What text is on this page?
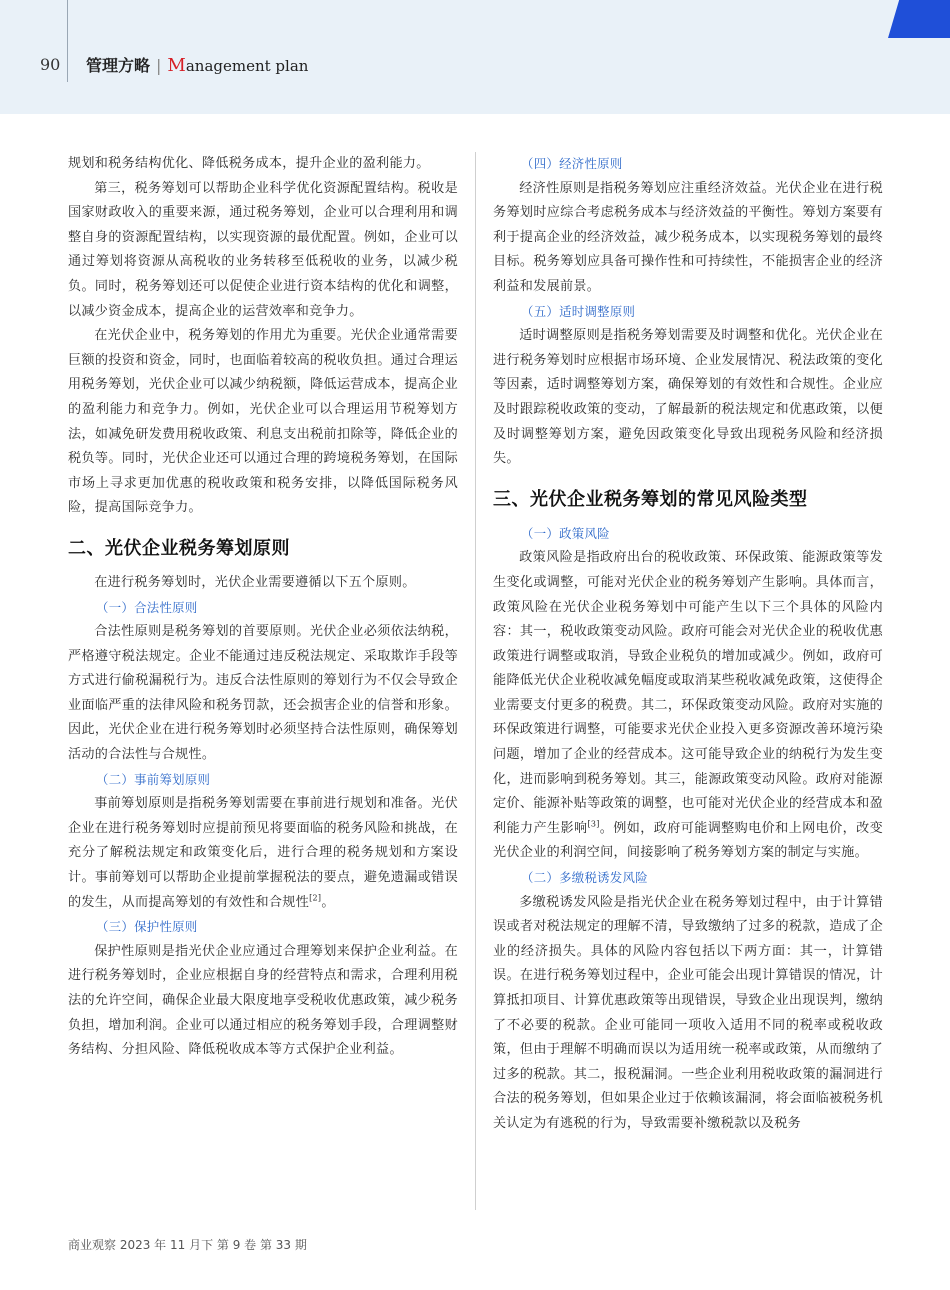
90 管理方略 | Management plan

规划和税务结构优化、降低税务成本，提升企业的盈利能力。

第三，税务筹划可以帮助企业科学优化资源配置结构。税收是国家财政收入的重要来源，通过税务筹划，企业可以合理利用和调整自身的资源配置结构，以实现资源的最优配置。例如，企业可以通过筹划将资源从高税收的业务转移至低税收的业务，以减少税负。同时，税务筹划还可以促使企业进行资本结构的优化和调整，以减少资金成本，提高企业的运营效率和竞争力。

在光伏企业中，税务筹划的作用尤为重要。光伏企业通常需要巨额的投资和资金，同时，也面临着较高的税收负担。通过合理运用税务筹划，光伏企业可以减少纳税额，降低运营成本，提高企业的盈利能力和竞争力。例如，光伏企业可以合理运用节税筹划方法，如减免研发费用税收政策、利息支出税前扣除等，降低企业的税负等。同时，光伏企业还可以通过合理的跨境税务筹划，在国际市场上寻求更加优惠的税收政策和税务安排，以降低国际税务风险，提高国际竞争力。

二、光伏企业税务筹划原则

在进行税务筹划时，光伏企业需要遵循以下五个原则。

（一）合法性原则

合法性原则是税务筹划的首要原则。光伏企业必须依法纳税，严格遵守税法规定。企业不能通过违反税法规定、采取欺诈手段等方式进行偷税漏税行为。违反合法性原则的筹划行为不仅会导致企业面临严重的法律风险和税务罚款，还会损害企业的信誉和形象。因此，光伏企业在进行税务筹划时必须坚持合法性原则，确保筹划活动的合法性与合规性。

（二）事前筹划原则

事前筹划原则是指税务筹划需要在事前进行规划和准备。光伏企业在进行税务筹划时应提前预见将要面临的税务风险和挑战，在充分了解税法规定和政策变化后，进行合理的税务规划和方案设计。事前筹划可以帮助企业提前掌握税法的要点，避免遗漏或错误的发生，从而提高筹划的有效性和合规性[2]。

（三）保护性原则

保护性原则是指光伏企业应通过合理筹划来保护企业利益。在进行税务筹划时，企业应根据自身的经营特点和需求，合理利用税法的允许空间，确保企业最大限度地享受税收优惠政策，减少税务负担，增加利润。企业可以通过相应的税务筹划手段，合理调整财务结构、分担风险、降低税收成本等方式保护企业利益。

（四）经济性原则

经济性原则是指税务筹划应注重经济效益。光伏企业在进行税务筹划时应综合考虑税务成本与经济效益的平衡性。筹划方案要有利于提高企业的经济效益，减少税务成本，以实现税务筹划的最终目标。税务筹划应具备可操作性和可持续性，不能损害企业的经济利益和发展前景。

（五）适时调整原则

适时调整原则是指税务筹划需要及时调整和优化。光伏企业在进行税务筹划时应根据市场环境、企业发展情况、税法政策的变化等因素，适时调整筹划方案，确保筹划的有效性和合规性。企业应及时跟踪税收政策的变动，了解最新的税法规定和优惠政策，以便及时调整筹划方案，避免因政策变化导致出现税务风险和经济损失。

三、光伏企业税务筹划的常见风险类型
（一）政策风险

政策风险是指政府出台的税收政策、环保政策、能源政策等发生变化或调整，可能对光伏企业的税务筹划产生影响。具体而言，政策风险在光伏企业税务筹划中可能产生以下三个具体的风险内容：其一，税收政策变动风险。政府可能会对光伏企业的税收优惠政策进行调整或取消，导致企业税负的增加或减少。例如，政府可能降低光伏企业税收减免幅度或取消某些税收减免政策，这使得企业需要支付更多的税费。其二，环保政策变动风险。政府对实施的环保政策进行调整，可能要求光伏企业投入更多资源改善环境污染问题，增加了企业的经营成本。这可能导致企业的纳税行为发生变化，进而影响到税务筹划。其三，能源政策变动风险。政府对能源定价、能源补贴等政策的调整，也可能对光伏企业的经营成本和盈利能力产生影响[3]。例如，政府可能调整购电价和上网电价，改变光伏企业的利润空间，间接影响了税务筹划方案的制定与实施。

（二）多缴税诱发风险

多缴税诱发风险是指光伏企业在税务筹划过程中，由于计算错误或者对税法规定的理解不清，导致缴纳了过多的税款，造成了企业的经济损失。具体的风险内容包括以下两方面：其一，计算错误。在进行税务筹划过程中，企业可能会出现计算错误的情况，计算抵扣项目、计算优惠政策等出现错误，导致企业出现误判，缴纳了不必要的税款。企业可能同一项收入适用不同的税率或税收政策，但由于理解不明确而误以为适用统一税率或政策，从而缴纳了过多的税款。其二，报税漏洞。一些企业利用税收政策的漏洞进行合法的税务筹划，但如果企业过于依赖该漏洞，将会面临被税务机关认定为有逃税的行为，导致需要补缴税款以及税务

商业观察 2023 年 11 月下 第 9 卷 第 33 期
